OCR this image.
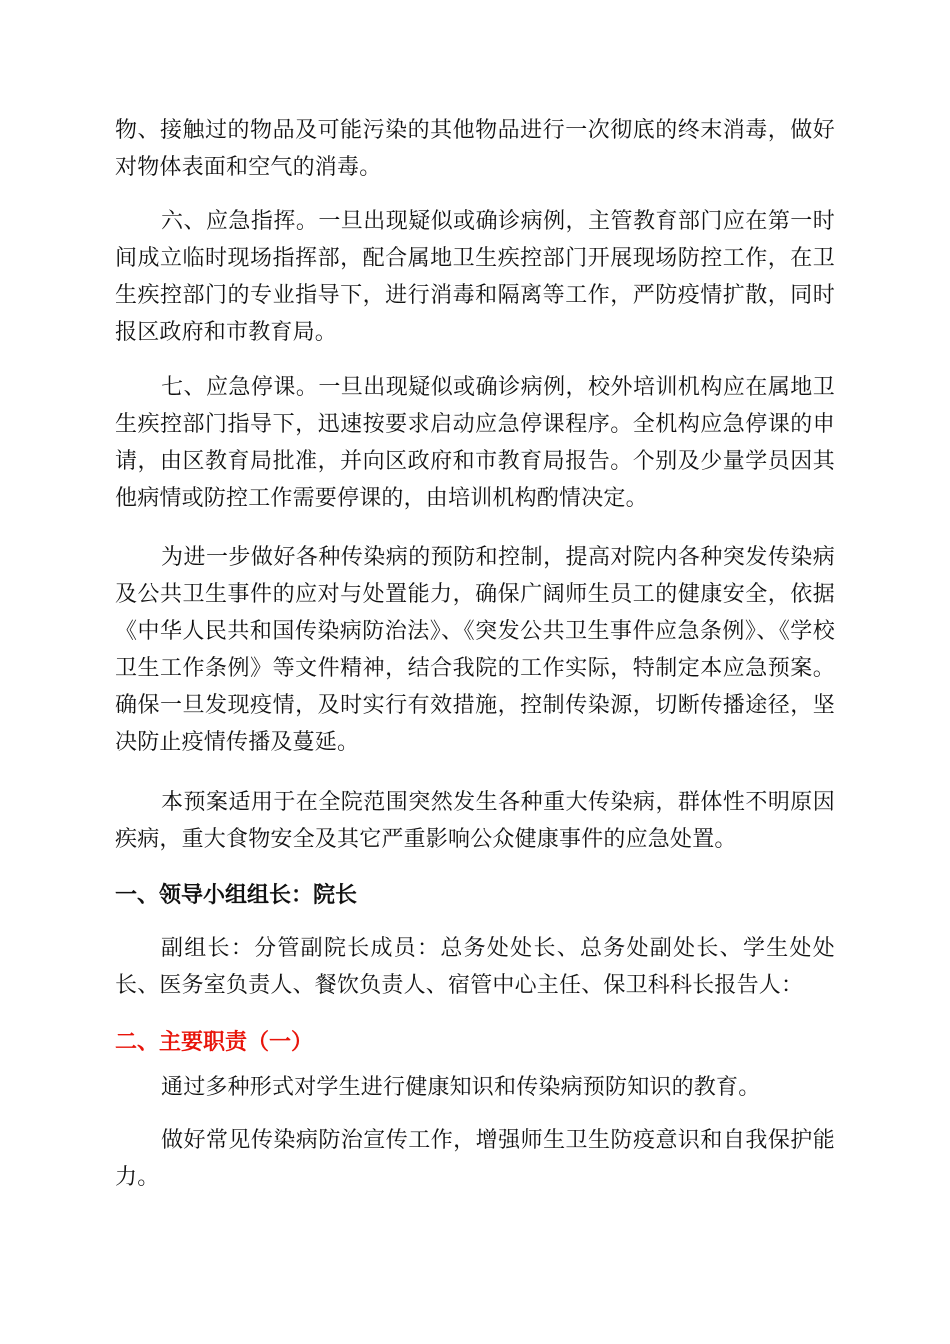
物、接触过的物品及可能污染的其他物品进行一次彻底的终末消毒，做好对物体表面和空气的消毒。

六、应急指挥。一旦出现疑似或确诊病例，主管教育部门应在第一时间成立临时现场指挥部，配合属地卫生疾控部门开展现场防控工作，在卫生疾控部门的专业指导下，进行消毒和隔离等工作，严防疫情扩散，同时报区政府和市教育局。

七、应急停课。一旦出现疑似或确诊病例，校外培训机构应在属地卫生疾控部门指导下，迅速按要求启动应急停课程序。全机构应急停课的申请，由区教育局批准，并向区政府和市教育局报告。个别及少量学员因其他病情或防控工作需要停课的，由培训机构酌情决定。

为进一步做好各种传染病的预防和控制，提高对院内各种突发传染病及公共卫生事件的应对与处置能力，确保广阔师生员工的健康安全，依据《中华人民共和国传染病防治法》、《突发公共卫生事件应急条例》、《学校卫生工作条例》等文件精神，结合我院的工作实际，特制定本应急预案。确保一旦发现疫情，及时实行有效措施，控制传染源，切断传播途径，坚决防止疫情传播及蔓延。

本预案适用于在全院范围突然发生各种重大传染病，群体性不明原因疾病，重大食物安全及其它严重影响公众健康事件的应急处置。

一、领导小组组长：院长

副组长：分管副院长成员：总务处处长、总务处副处长、学生处处长、医务室负责人、餐饮负责人、宿管中心主任、保卫科科长报告人：

二、主要职责（一）

通过多种形式对学生进行健康知识和传染病预防知识的教育。

做好常见传染病防治宣传工作，增强师生卫生防疫意识和自我保护能力。
